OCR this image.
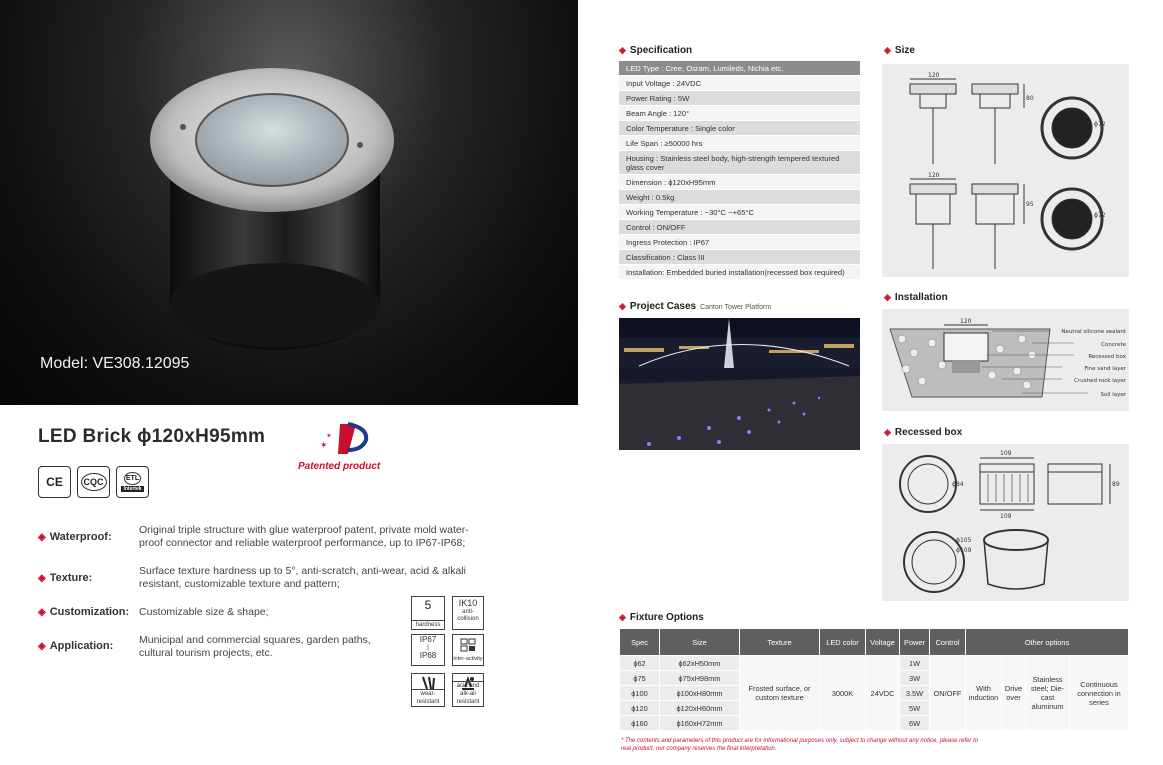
Model: VE308.12095
LED Brick ϕ120xH95mm	✶
✶
Patented product
CE	CQC	ETL
Intertek
◈ Waterproof:
Original triple structure with glue waterproof patent, private mold water-proof connector and reliable waterproof performance, up to IP67-IP68;
◈ Texture:
Surface texture hardness up to 5°, anti-scratch, anti-wear, acid & alkali resistant, customizable texture and pattern;
◈ Customization: Customizable size & shape;
◈ Application: Municipal and commercial squares, garden paths, cultural tourism projects, etc.
5
hardness
IK10
anti-collision
IP67
|
IP68	inter-activity
wear-resistant
acid and alk-ali resistant
◈ Specification
LED Type : Cree, Osram, Lumileds, Nichia etc.
Input Voltage : 24VDC
Power Rating : 5W
Beam Angle : 120°
Color Temperature : Single color
Life Span : ≥50000 hrs
Housing : Stainless steel body, high-strength tempered textured glass cover
Dimension : ϕ120xH95mm
Weight : 0.5kg
Working Temperature : −30°C ~+65°C
Control : ON/OFF
Ingress Protection : IP67
Classification : Class III
Installation: Embedded buried installation(recessed box required)
◈ Size
120
80
ϕ72
120
95
ϕ72
◈ Project Cases Canton Tower Platform
◈ Installation
120
Neutral silicone sealant
Concrete
Recessed box
Fine sand layer
Crushed rock layer
Soil layer
◈ Recessed box
109
89
109
ϕ84
ϕ105
ϕ109
◈ Fixture Options
Spec	Size	Texture	LED color	Voltage	Power	Control	Other options			
ϕ62	ϕ62xH50mm	Frosted surface, or custom texture	3000K	24VDC	1W	ON/OFF	With induction	Drive over	Stainless steel; Die-cast aluminum	Continuous connection in series
ϕ75	ϕ75xH98mm				3W					
ϕ100	ϕ100xH80mm				3.5W					
ϕ120	ϕ120xH60mm				5W					
ϕ160	ϕ160xH72mm				6W					
* The contents and parameters of this product are for informational purposes only, subject to change without any notice, please refer to real product, our company reserves the final interpretation.
